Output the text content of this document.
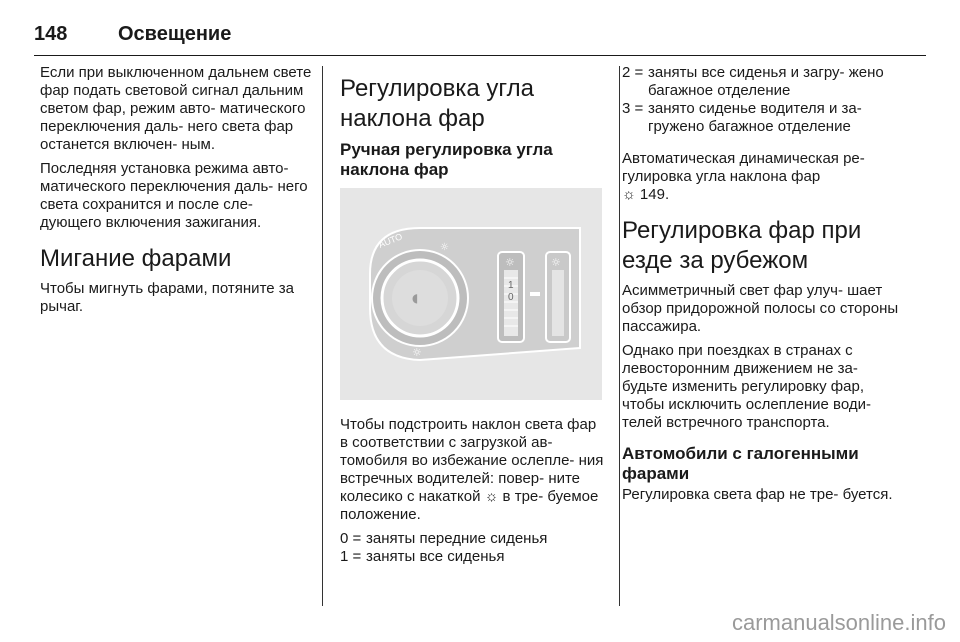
148	Освещение

Если при выключенном дальнем свете фар подать световой сигнал дальним светом фар, режим авто- матического переключения даль- него света фар останется включен- ным.

Последняя установка режима авто- матического переключения даль- него света сохранится и после сле- дующего включения зажигания.

Мигание фарами

Чтобы мигнуть фарами, потяните за рычаг.

Регулировка угла наклона фар
Ручная регулировка угла наклона фар
◖
AUTO	☼
☼
1
0
☼
☼

Чтобы подстроить наклон света фар в соответствии с загрузкой ав- томобиля во избежание ослепле- ния встречных водителей: повер- ните колесико с накаткой ☼ в тре- буемое положение.

0 = заняты передние сиденья
1 = заняты все сиденья
2 = заняты все сиденья и загру- жено багажное отделение
3 = занято сиденье водителя и за- гружено багажное отделение

Автоматическая динамическая ре- гулировка угла наклона фар
☼ 149.

Регулировка фар при езде за рубежом

Асимметричный свет фар улуч- шает обзор придорожной полосы со стороны пассажира.

Однако при поездках в странах с левосторонним движением не за- будьте изменить регулировку фар, чтобы исключить ослепление води- телей встречного транспорта.

Автомобили с галогенными фарами

Регулировка света фар не тре- буется.

carmanualsonline.info
